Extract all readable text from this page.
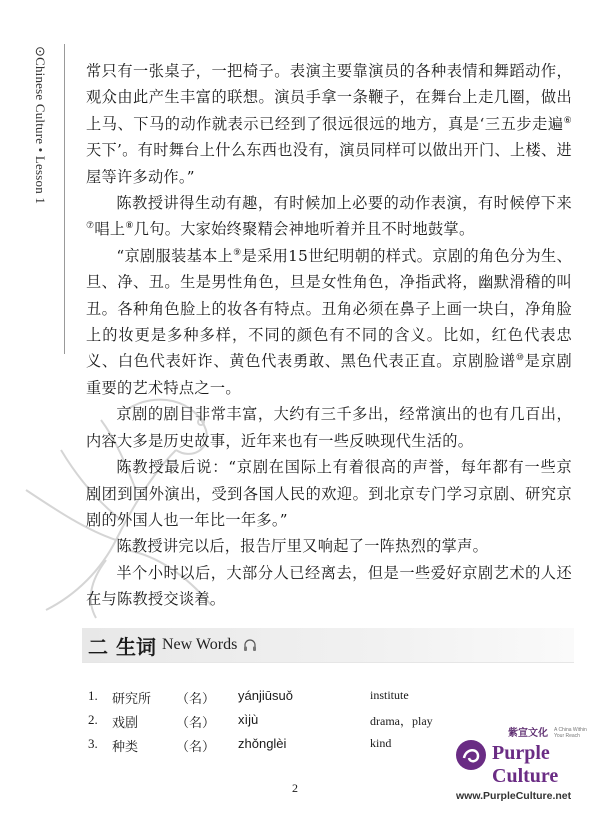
⊙Chinese Culture • Lesson 1	常只有一张桌子，一把椅子。表演主要靠演员的各种表情和舞蹈动作，观众由此产生丰富的联想。演员手拿一条鞭子，在舞台上走几圈，做出上马、下马的动作就表示已经到了很远很远的地方，真是‘三五步走遍⑥天下’。有时舞台上什么东西也没有，演员同样可以做出开门、上楼、进屋等许多动作。”

陈教授讲得生动有趣，有时候加上必要的动作表演，有时候停下来⑦唱上⑧几句。大家始终聚精会神地听着并且不时地鼓掌。

“京剧服装基本上⑨是采用15世纪明朝的样式。京剧的角色分为生、旦、净、丑。生是男性角色，旦是女性角色，净指武将，幽默滑稽的叫丑。各种角色脸上的妆各有特点。丑角必须在鼻子上画一块白，净角脸上的妆更是多种多样，不同的颜色有不同的含义。比如，红色代表忠义、白色代表奸诈、黄色代表勇敢、黑色代表正直。京剧脸谱⑩是京剧重要的艺术特点之一。

京剧的剧目非常丰富，大约有三千多出，经常演出的也有几百出，内容大多是历史故事，近年来也有一些反映现代生活的。

陈教授最后说：“京剧在国际上有着很高的声誉，每年都有一些京剧团到国外演出，受到各国人民的欢迎。到北京专门学习京剧、研究京剧的外国人也一年比一年多。”

陈教授讲完以后，报告厅里又响起了一阵热烈的掌声。

半个小时以后，大部分人已经离去，但是一些爱好京剧艺术的人还在与陈教授交谈着。

二 生词 New Words
1. 研究所 （名） yánjiūsuǒ	institute
2. 戏剧	（名） xìjù	drama，play
3. 种类	（名） zhǒnglèi	kind
2
紫宣文化 A China Within Your Reach
Purple Culture
www.PurpleCulture.net
